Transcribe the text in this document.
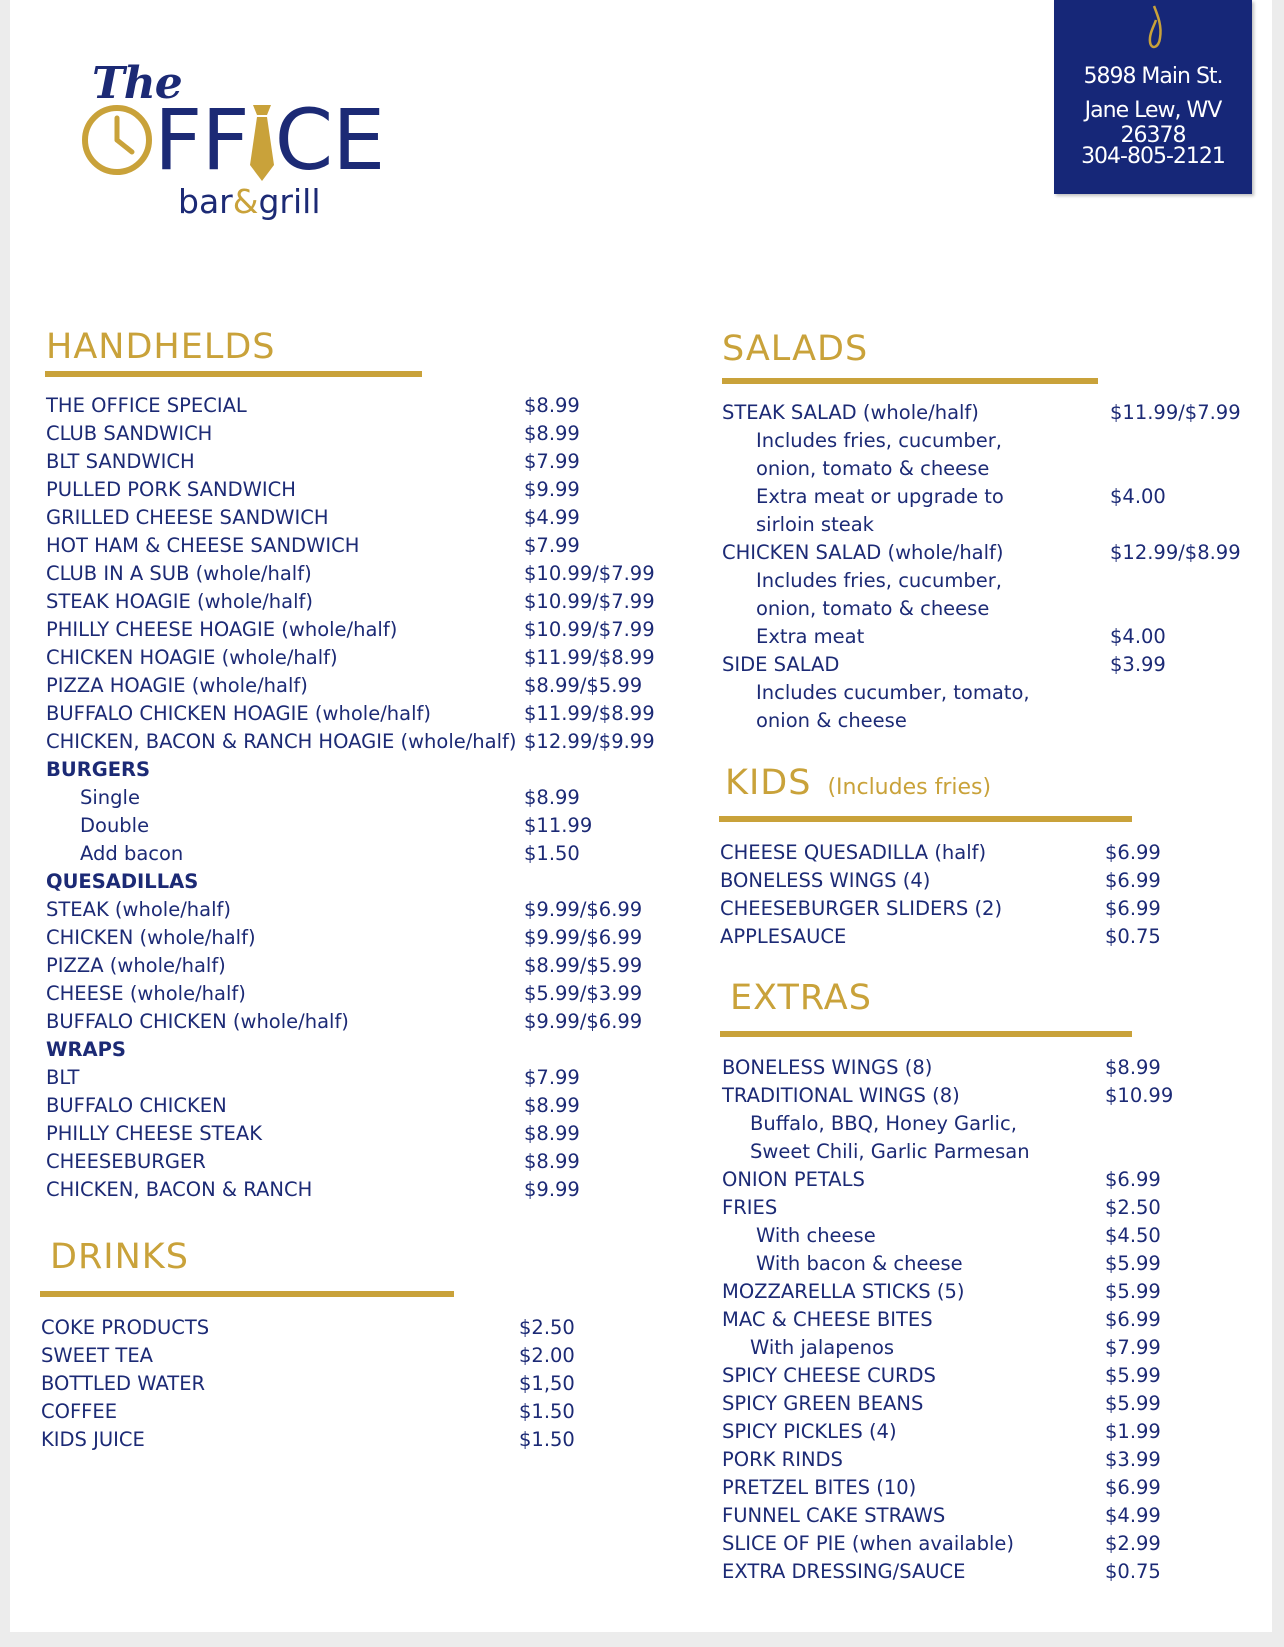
The
FF CE
bar&grill
5898 Main St.
Jane Lew, WV 26378
304-805-2121
HANDHELDS
THE OFFICE SPECIAL	$8.99
CLUB SANDWICH	$8.99
BLT SANDWICH	$7.99
PULLED PORK SANDWICH	$9.99
GRILLED CHEESE SANDWICH	$4.99
HOT HAM & CHEESE SANDWICH	$7.99
CLUB IN A SUB (whole/half)	$10.99/$7.99
STEAK HOAGIE (whole/half)	$10.99/$7.99
PHILLY CHEESE HOAGIE (whole/half)	$10.99/$7.99
CHICKEN HOAGIE (whole/half)	$11.99/$8.99
PIZZA HOAGIE (whole/half)	$8.99/$5.99
BUFFALO CHICKEN HOAGIE (whole/half)	$11.99/$8.99
CHICKEN, BACON & RANCH HOAGIE (whole/half) $12.99/$9.99
BURGERS
Single	$8.99
Double	$11.99
Add bacon	$1.50
QUESADILLAS
STEAK (whole/half)	$9.99/$6.99
CHICKEN (whole/half)	$9.99/$6.99
PIZZA (whole/half)	$8.99/$5.99
CHEESE (whole/half)	$5.99/$3.99
BUFFALO CHICKEN (whole/half)	$9.99/$6.99
WRAPS
BLT	$7.99
BUFFALO CHICKEN	$8.99
PHILLY CHEESE STEAK	$8.99
CHEESEBURGER	$8.99
CHICKEN, BACON & RANCH	$9.99
DRINKS
COKE PRODUCTS	$2.50
SWEET TEA	$2.00
BOTTLED WATER	$1,50
COFFEE	$1.50
KIDS JUICE	$1.50
SALADS
STEAK SALAD (whole/half)	$11.99/$7.99
Includes fries, cucumber,
onion, tomato & cheese
Extra meat or upgrade to	$4.00
sirloin steak
CHICKEN SALAD (whole/half)	$12.99/$8.99
Includes fries, cucumber,
onion, tomato & cheese
Extra meat	$4.00
SIDE SALAD	$3.99
Includes cucumber, tomato,
onion & cheese
KIDS (Includes fries)
CHEESE QUESADILLA (half)	$6.99
BONELESS WINGS (4)	$6.99
CHEESEBURGER SLIDERS (2)	$6.99
APPLESAUCE	$0.75
EXTRAS
BONELESS WINGS (8)	$8.99
TRADITIONAL WINGS (8)	$10.99
Buffalo, BBQ, Honey Garlic,
Sweet Chili, Garlic Parmesan
ONION PETALS	$6.99
FRIES	$2.50
With cheese	$4.50
With bacon & cheese	$5.99
MOZZARELLA STICKS (5)	$5.99
MAC & CHEESE BITES	$6.99
With jalapenos	$7.99
SPICY CHEESE CURDS	$5.99
SPICY GREEN BEANS	$5.99
SPICY PICKLES (4)	$1.99
PORK RINDS	$3.99
PRETZEL BITES (10)	$6.99
FUNNEL CAKE STRAWS	$4.99
SLICE OF PIE (when available)	$2.99
EXTRA DRESSING/SAUCE	$0.75
